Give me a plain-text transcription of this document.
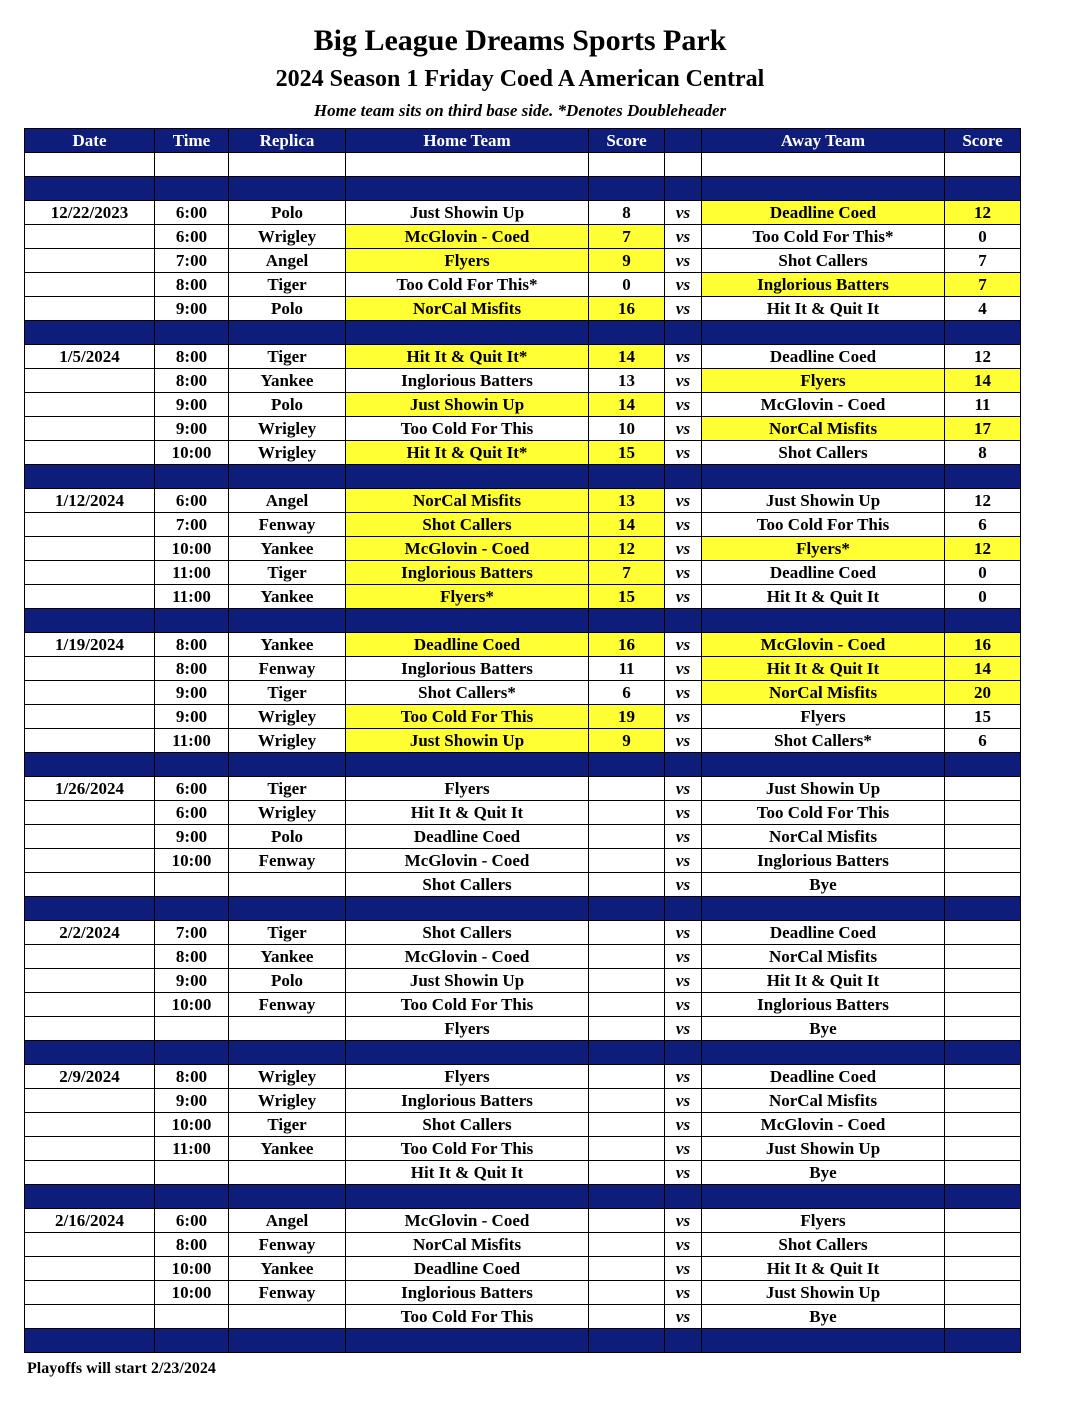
Big League Dreams Sports Park
2024 Season 1 Friday Coed A American Central
Home team sits on third base side. *Denotes Doubleheader
Date	Time	Replica	Home Team	Score		Away Team	Score

12/22/2023	6:00	Polo	Just Showin Up	8	vs	Deadline Coed	12
	6:00	Wrigley	McGlovin - Coed	7	vs	Too Cold For This*	0
	7:00	Angel	Flyers	9	vs	Shot Callers	7
	8:00	Tiger	Too Cold For This*	0	vs	Inglorious Batters	7
	9:00	Polo	NorCal Misfits	16	vs	Hit It & Quit It	4

1/5/2024	8:00	Tiger	Hit It & Quit It*	14	vs	Deadline Coed	12
	8:00	Yankee	Inglorious Batters	13	vs	Flyers	14
	9:00	Polo	Just Showin Up	14	vs	McGlovin - Coed	11
	9:00	Wrigley	Too Cold For This	10	vs	NorCal Misfits	17
	10:00	Wrigley	Hit It & Quit It*	15	vs	Shot Callers	8

1/12/2024	6:00	Angel	NorCal Misfits	13	vs	Just Showin Up	12
	7:00	Fenway	Shot Callers	14	vs	Too Cold For This	6
	10:00	Yankee	McGlovin - Coed	12	vs	Flyers*	12
	11:00	Tiger	Inglorious Batters	7	vs	Deadline Coed	0
	11:00	Yankee	Flyers*	15	vs	Hit It & Quit It	0

1/19/2024	8:00	Yankee	Deadline Coed	16	vs	McGlovin - Coed	16
	8:00	Fenway	Inglorious Batters	11	vs	Hit It & Quit It	14
	9:00	Tiger	Shot Callers*	6	vs	NorCal Misfits	20
	9:00	Wrigley	Too Cold For This	19	vs	Flyers	15
	11:00	Wrigley	Just Showin Up	9	vs	Shot Callers*	6

1/26/2024	6:00	Tiger	Flyers		vs	Just Showin Up	
	6:00	Wrigley	Hit It & Quit It		vs	Too Cold For This	
	9:00	Polo	Deadline Coed		vs	NorCal Misfits	
	10:00	Fenway	McGlovin - Coed		vs	Inglorious Batters	
			Shot Callers		vs	Bye	

2/2/2024	7:00	Tiger	Shot Callers		vs	Deadline Coed	
	8:00	Yankee	McGlovin - Coed		vs	NorCal Misfits	
	9:00	Polo	Just Showin Up		vs	Hit It & Quit It	
	10:00	Fenway	Too Cold For This		vs	Inglorious Batters	
			Flyers		vs	Bye	

2/9/2024	8:00	Wrigley	Flyers		vs	Deadline Coed	
	9:00	Wrigley	Inglorious Batters		vs	NorCal Misfits	
	10:00	Tiger	Shot Callers		vs	McGlovin - Coed	
	11:00	Yankee	Too Cold For This		vs	Just Showin Up	
			Hit It & Quit It		vs	Bye	

2/16/2024	6:00	Angel	McGlovin - Coed		vs	Flyers	
	8:00	Fenway	NorCal Misfits		vs	Shot Callers	
	10:00	Yankee	Deadline Coed		vs	Hit It & Quit It	
	10:00	Fenway	Inglorious Batters		vs	Just Showin Up	
			Too Cold For This		vs	Bye	

Playoffs will start 2/23/2024
